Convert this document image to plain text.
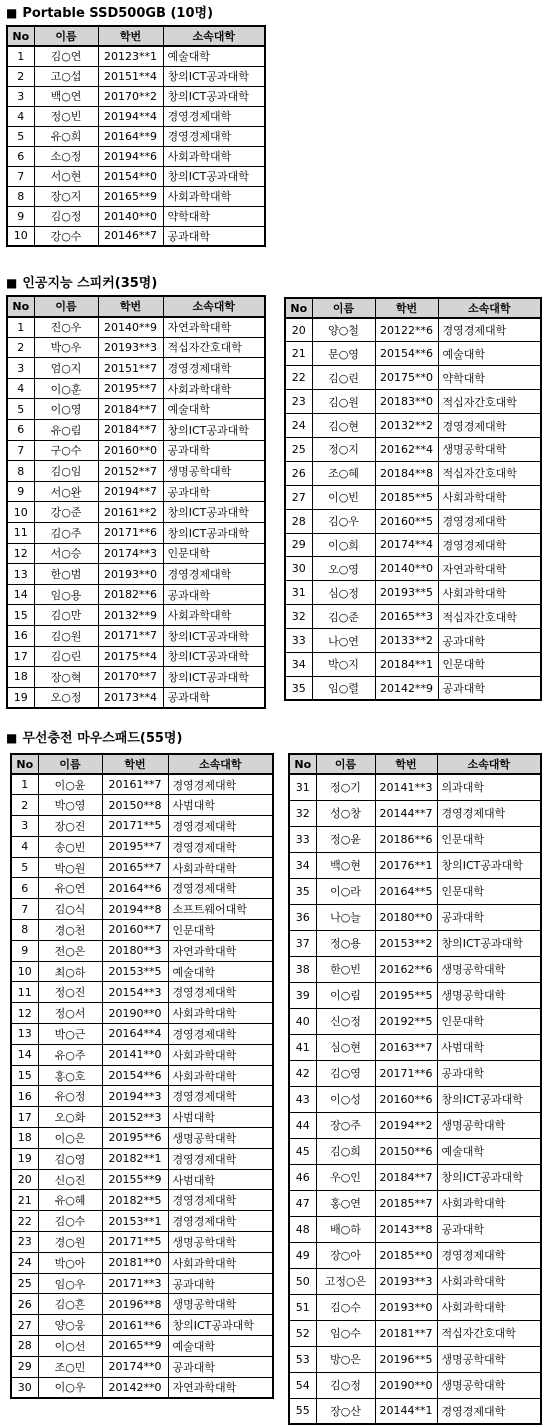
■ Portable SSD500GB (10명)
No	이름	학번	소속대학
1	김○연	20123**1	예술대학
2	고○섭	20151**4	창의ICT공과대학
3	백○연	20170**2	창의ICT공과대학
4	정○빈	20194**4	경영경제대학
5	유○희	20164**9	경영경제대학
6	소○정	20194**6	사회과학대학
7	서○현	20154**0	창의ICT공과대학
8	장○지	20165**9	사회과학대학
9	김○정	20140**0	약학대학
10	강○수	20146**7	공과대학
■ 인공지능 스피커(35명)
No	이름	학번	소속대학
1	진○우	20140**9	자연과학대학
2	박○우	20193**3	적십자간호대학
3	엄○지	20151**7	경영경제대학
4	이○훈	20195**7	사회과학대학
5	이○영	20184**7	예술대학
6	유○림	20184**7	창의ICT공과대학
7	구○수	20160**0	공과대학
8	김○임	20152**7	생명공학대학
9	서○완	20194**7	공과대학
10	강○준	20161**2	창의ICT공과대학
11	김○주	20171**6	창의ICT공과대학
12	서○승	20174**3	인문대학
13	한○범	20193**0	경영경제대학
14	임○용	20182**6	공과대학
15	김○만	20132**9	사회과학대학
16	김○원	20171**7	창의ICT공과대학
17	김○린	20175**4	창의ICT공과대학
18	장○혁	20170**7	창의ICT공과대학
19	오○정	20173**4	공과대학
No	이름	학번	소속대학
20	양○철	20122**6	경영경제대학
21	문○영	20154**6	예술대학
22	김○린	20175**0	약학대학
23	김○원	20183**0	적십자간호대학
24	김○현	20132**2	경영경제대학
25	정○지	20162**4	생명공학대학
26	조○혜	20184**8	적십자간호대학
27	이○빈	20185**5	사회과학대학
28	김○우	20160**5	경영경제대학
29	이○희	20174**4	경영경제대학
30	오○영	20140**0	자연과학대학
31	심○정	20193**5	사회과학대학
32	김○준	20165**3	적십자간호대학
33	나○연	20133**2	공과대학
34	박○지	20184**1	인문대학
35	임○렬	20142**9	공과대학
■ 무선충전 마우스패드(55명)
No	이름	학번	소속대학
1	이○윤	20161**7	경영경제대학
2	박○영	20150**8	사범대학
3	장○진	20171**5	경영경제대학
4	송○빈	20195**7	경영경제대학
5	박○원	20165**7	사회과학대학
6	유○연	20164**6	경영경제대학
7	김○식	20194**8	소프트웨어대학
8	경○천	20160**7	인문대학
9	전○은	20180**3	자연과학대학
10	최○하	20153**5	예술대학
11	정○진	20154**3	경영경제대학
12	정○서	20190**0	사회과학대학
13	박○근	20164**4	경영경제대학
14	유○주	20141**0	사회과학대학
15	홍○호	20154**6	사회과학대학
16	유○정	20194**3	경영경제대학
17	오○화	20152**3	사범대학
18	이○은	20195**6	생명공학대학
19	김○영	20182**1	경영경제대학
20	신○진	20155**9	사범대학
21	유○혜	20182**5	경영경제대학
22	김○수	20153**1	경영경제대학
23	경○원	20171**5	생명공학대학
24	박○아	20181**0	사회과학대학
25	임○우	20171**3	공과대학
26	김○흔	20196**8	생명공학대학
27	양○웅	20161**6	창의ICT공과대학
28	이○선	20165**9	예술대학
29	조○민	20174**0	공과대학
30	이○우	20142**0	자연과학대학
No	이름	학번	소속대학
31	정○기	20141**3	의과대학
32	성○창	20144**7	경영경제대학
33	정○윤	20186**6	인문대학
34	백○현	20176**1	창의ICT공과대학
35	이○라	20164**5	인문대학
36	나○늘	20180**0	공과대학
37	정○용	20153**2	창의ICT공과대학
38	한○빈	20162**6	생명공학대학
39	이○림	20195**5	생명공학대학
40	신○정	20192**5	인문대학
41	심○현	20163**7	사범대학
42	김○영	20171**6	공과대학
43	이○성	20160**6	창의ICT공과대학
44	장○주	20194**2	생명공학대학
45	김○희	20150**6	예술대학
46	우○인	20184**7	창의ICT공과대학
47	홍○연	20185**7	사회과학대학
48	배○하	20143**8	공과대학
49	장○아	20185**0	경영경제대학
50	고정○은	20193**3	사회과학대학
51	김○수	20193**0	사회과학대학
52	임○수	20181**7	적십자간호대학
53	방○은	20196**5	생명공학대학
54	김○정	20190**0	생명공학대학
55	장○산	20144**1	경영경제대학
